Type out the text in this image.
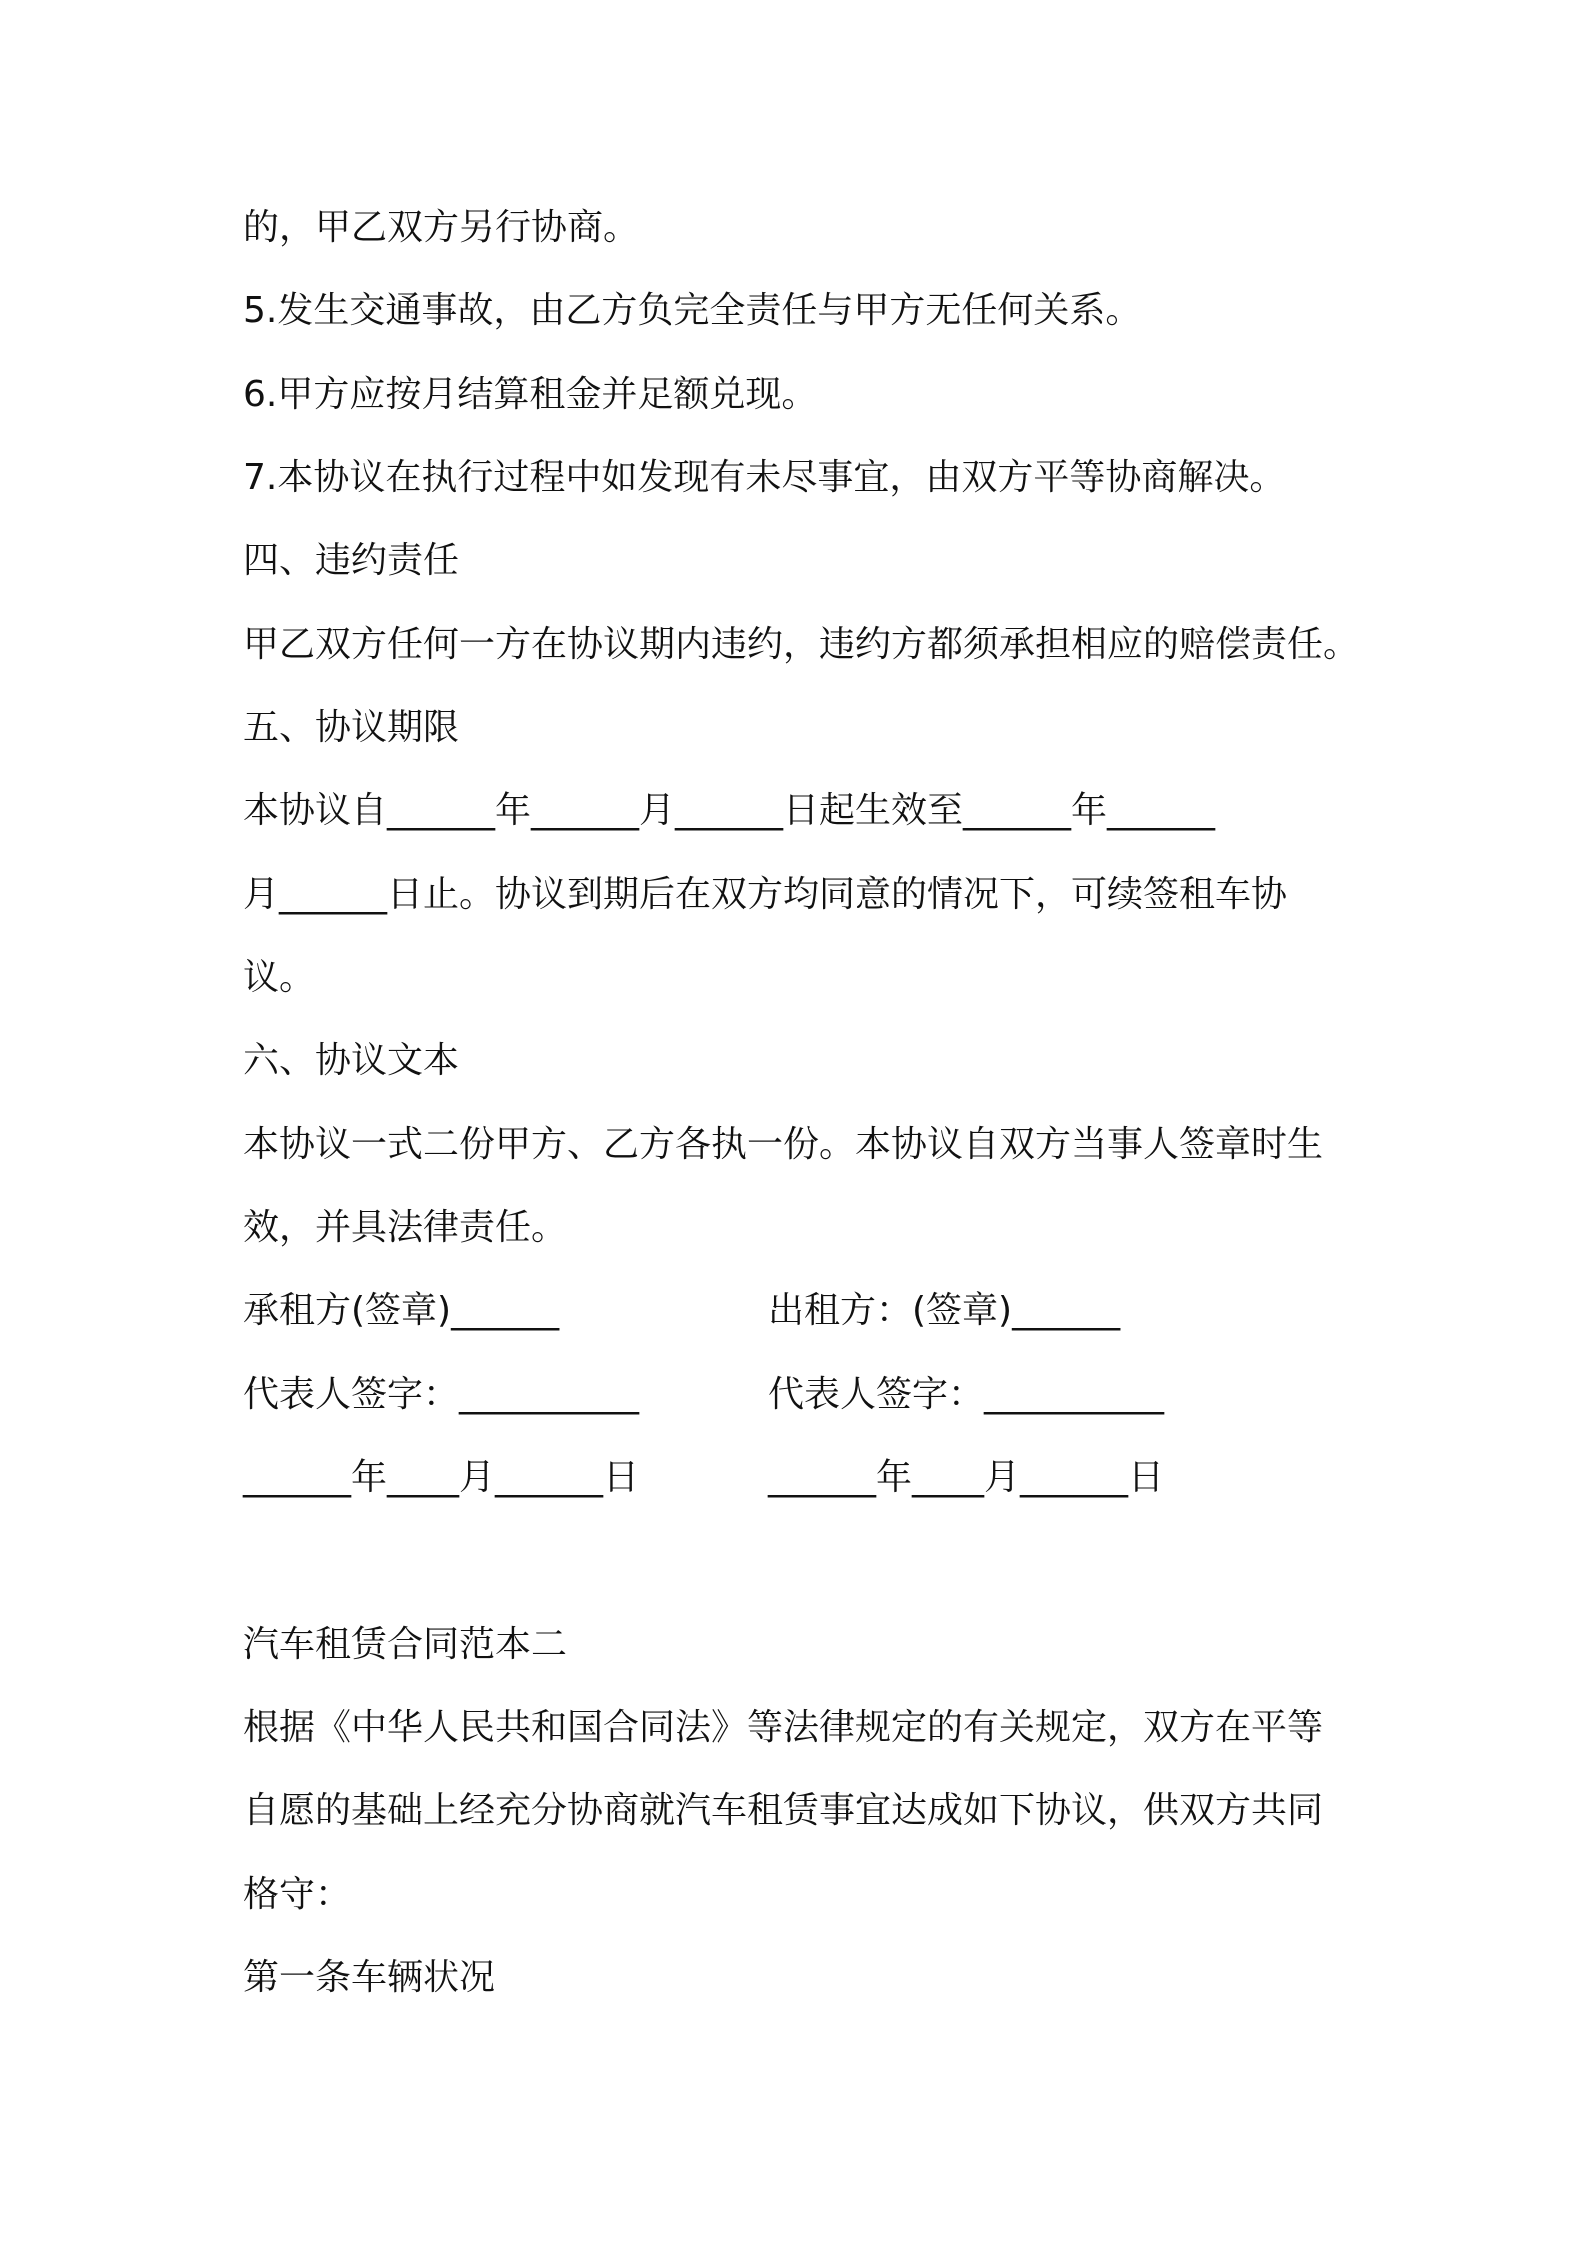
的，甲乙双方另行协商。
5.发生交通事故，由乙方负完全责任与甲方无任何关系。
6.甲方应按月结算租金并足额兑现。
7.本协议在执行过程中如发现有未尽事宜，由双方平等协商解决。
四、违约责任
甲乙双方任何一方在协议期内违约，违约方都须承担相应的赔偿责任。
五、协议期限
本协议自______年______月______日起生效至______年______
月______日止。协议到期后在双方均同意的情况下，可续签租车协
议。
六、协议文本
本协议一式二份甲方、乙方各执一份。本协议自双方当事人签章时生
效，并具法律责任。
承租方(签章)______	出租方：(签章)______
代表人签字：__________	代表人签字：__________
______年____月______日	______年____月______日
汽车租赁合同范本二
根据《中华人民共和国合同法》等法律规定的有关规定，双方在平等
自愿的基础上经充分协商就汽车租赁事宜达成如下协议，供双方共同
格守：
第一条车辆状况
